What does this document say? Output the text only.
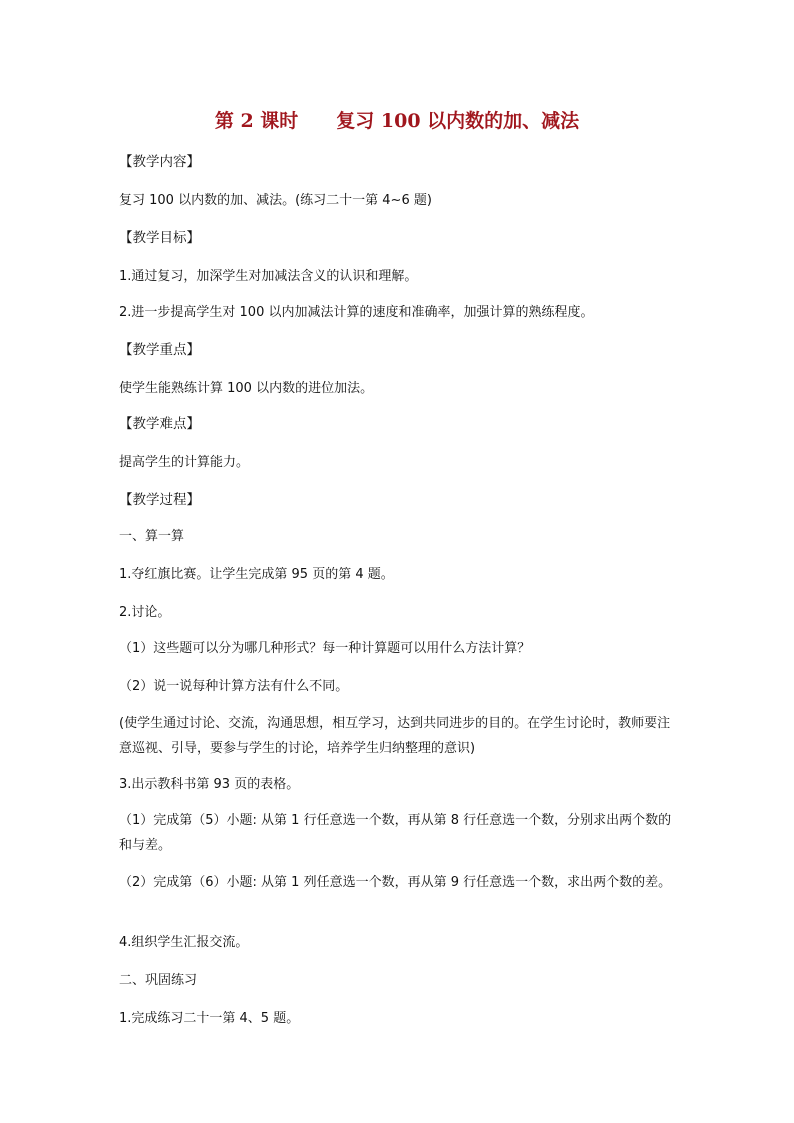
第 2 课时　　复习 100 以内数的加、减法

【教学内容】

复习 100 以内数的加、减法。(练习二十一第 4~6 题)

【教学目标】

1.通过复习，加深学生对加减法含义的认识和理解。

2.进一步提高学生对 100 以内加减法计算的速度和准确率，加强计算的熟练程度。

【教学重点】

使学生能熟练计算 100 以内数的进位加法。

【教学难点】

提高学生的计算能力。

【教学过程】

一、算一算

1.夺红旗比赛。让学生完成第 95 页的第 4 题。

2.讨论。

（1）这些题可以分为哪几种形式？每一种计算题可以用什么方法计算？

（2）说一说每种计算方法有什么不同。

(使学生通过讨论、交流，沟通思想，相互学习，达到共同进步的目的。在学生讨论时，教师要注意巡视、引导，要参与学生的讨论，培养学生归纳整理的意识)

3.出示教科书第 93 页的表格。

（1）完成第（5）小题: 从第 1 行任意选一个数，再从第 8 行任意选一个数，分别求出两个数的和与差。

（2）完成第（6）小题: 从第 1 列任意选一个数，再从第 9 行任意选一个数，求出两个数的差。

4.组织学生汇报交流。

二、巩固练习

1.完成练习二十一第 4、5 题。
